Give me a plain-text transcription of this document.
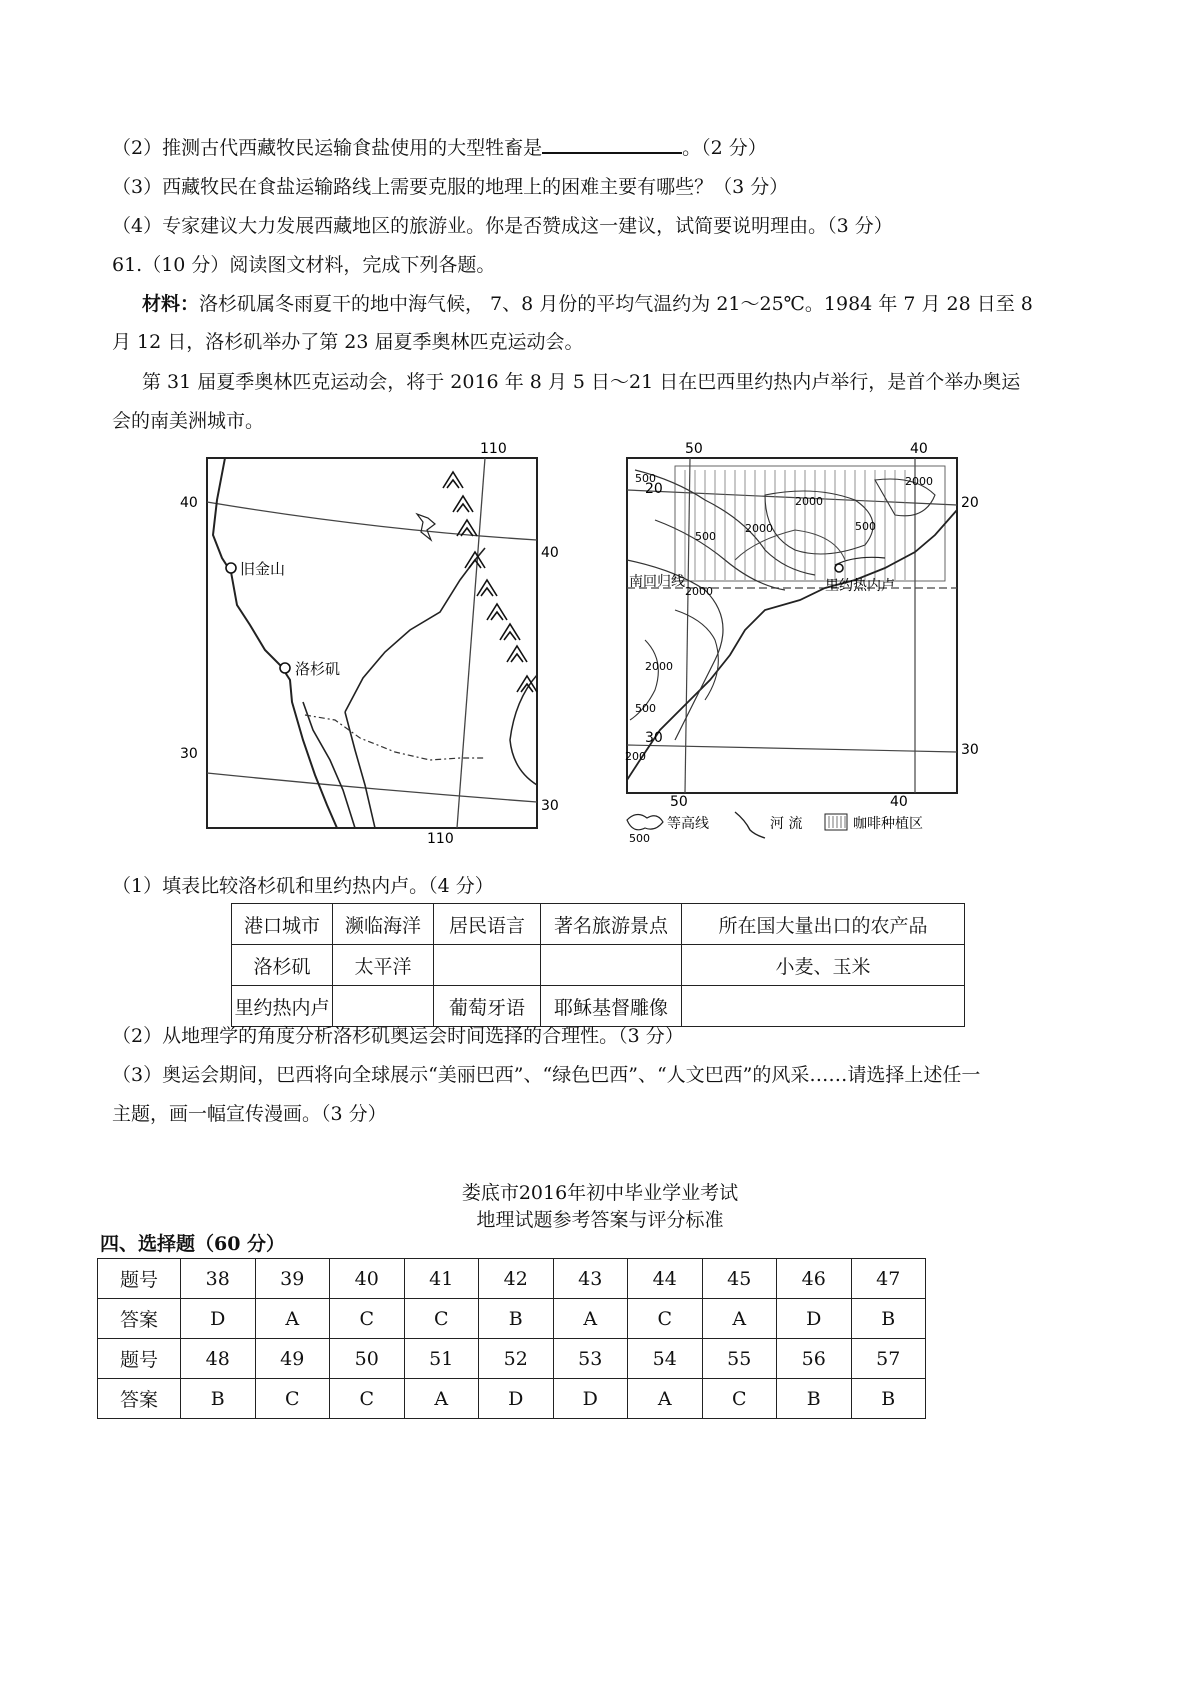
（2）推测古代西藏牧民运输食盐使用的大型牲畜是	。（2 分）
（3）西藏牧民在食盐运输路线上需要克服的地理上的困难主要有哪些？（3 分）
（4）专家建议大力发展西藏地区的旅游业。你是否赞成这一建议，试简要说明理由。（3 分）
61.（10 分）阅读图文材料，完成下列各题。
材料：洛杉矶属冬雨夏干的地中海气候， 7、8 月份的平均气温约为 21～25℃。1984 年 7 月 28 日至 8
月 12 日，洛杉矶举办了第 23 届夏季奥林匹克运动会。
第 31 届夏季奥林匹克运动会，将于 2016 年 8 月 5 日～21 日在巴西里约热内卢举行，是首个举办奥运
会的南美洲城市。
110
110
40
40
30
30
旧金山
洛杉矶
50	40
20
20
30
30
50	40
南回归线	里约热内卢
500
2000
2000
500
500
2000
2000
2000
500
200
500
等高线	河 流	咖啡种植区
（1）填表比较洛杉矶和里约热内卢。（4 分）
港口城市	濒临海洋	居民语言	著名旅游景点	所在国大量出口的农产品
洛杉矶	太平洋			小麦、玉米
里约热内卢		葡萄牙语	耶稣基督雕像	
（2）从地理学的角度分析洛杉矶奥运会时间选择的合理性。（3 分）
（3）奥运会期间，巴西将向全球展示“美丽巴西”、“绿色巴西”、“人文巴西”的风采……请选择上述任一
主题，画一幅宣传漫画。（3 分）
娄底市2016年初中毕业学业考试
地理试题参考答案与评分标准
四、选择题（60 分）
题号	38	39	40	41	42	43	44	45	46	47
答案	D	A	C	C	B	A	C	A	D	B
题号	48	49	50	51	52	53	54	55	56	57
答案	B	C	C	A	D	D	A	C	B	B
